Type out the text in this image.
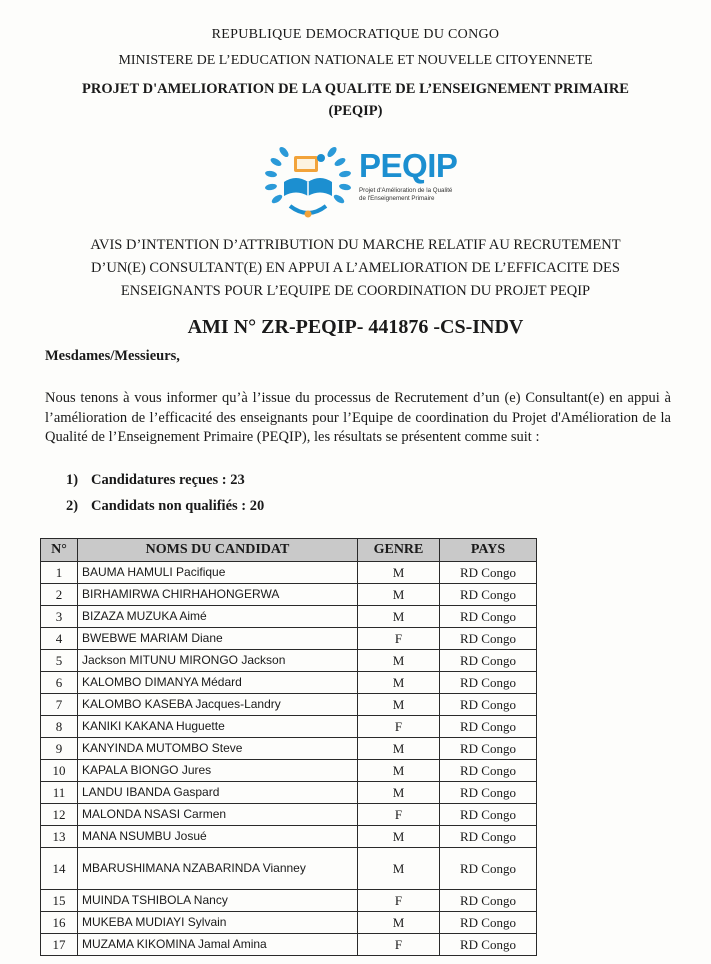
REPUBLIQUE DEMOCRATIQUE DU CONGO
MINISTERE DE L’EDUCATION NATIONALE ET NOUVELLE CITOYENNETE
PROJET D'AMELIORATION DE LA QUALITE DE L’ENSEIGNEMENT PRIMAIRE
(PEQIP)
PEQIP
Projet d'Amélioration de la Qualité de l'Enseignement Primaire
AVIS D’INTENTION D’ATTRIBUTION DU MARCHE RELATIF AU RECRUTEMENT
D’UN(E) CONSULTANT(E) EN APPUI A L’AMELIORATION DE L’EFFICACITE DES
ENSEIGNANTS POUR L’EQUIPE DE COORDINATION DU PROJET PEQIP
AMI N° ZR-PEQIP- 441876 -CS-INDV
Mesdames/Messieurs,
Nous tenons à vous informer qu’à l’issue du processus de Recrutement d’un (e) Consultant(e) en appui à l’amélioration de l’efficacité des enseignants pour l’Equipe de coordination du Projet d'Amélioration de la Qualité de l’Enseignement Primaire (PEQIP), les résultats se présentent comme suit :
1) Candidatures reçues : 23
2) Candidats non qualifiés : 20
N°	NOMS DU CANDIDAT	GENRE	PAYS
1	BAUMA HAMULI Pacifique	M	RD Congo
2	BIRHAMIRWA CHIRHAHONGERWA	M	RD Congo
3	BIZAZA MUZUKA Aimé	M	RD Congo
4	BWEBWE MARIAM Diane	F	RD Congo
5	Jackson MITUNU MIRONGO Jackson	M	RD Congo
6	KALOMBO DIMANYA Médard	M	RD Congo
7	KALOMBO KASEBA Jacques-Landry	M	RD Congo
8	KANIKI KAKANA Huguette	F	RD Congo
9	KANYINDA MUTOMBO Steve	M	RD Congo
10	KAPALA BIONGO Jures	M	RD Congo
11	LANDU IBANDA Gaspard	M	RD Congo
12	MALONDA NSASI Carmen	F	RD Congo
13	MANA NSUMBU Josué	M	RD Congo
14	MBARUSHIMANA NZABARINDA Vianney	M	RD Congo
15	MUINDA TSHIBOLA Nancy	F	RD Congo
16	MUKEBA MUDIAYI Sylvain	M	RD Congo
17	MUZAMA KIKOMINA Jamal Amina	F	RD Congo
